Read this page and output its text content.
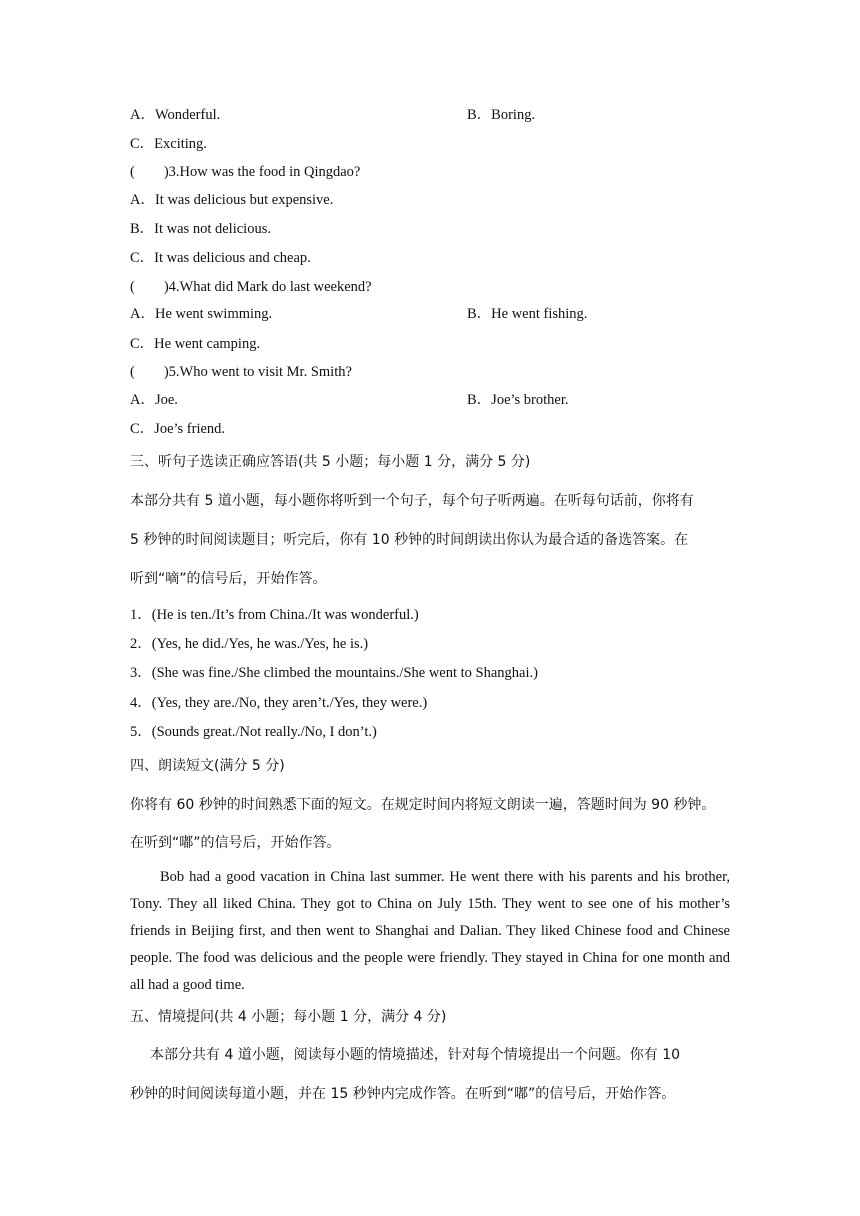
A．Wonderful.	B．Boring.
C．Exciting.
(　　)3.How was the food in Qingdao?
A．It was delicious but expensive.
B．It was not delicious.
C．It was delicious and cheap.
(　　)4.What did Mark do last weekend?
A．He went swimming.	B．He went fishing.
C．He went camping.
(　　)5.Who went to visit Mr. Smith?
A．Joe.	B．Joe’s brother.
C．Joe’s friend.
三、听句子选读正确应答语(共 5 小题；每小题 1 分，满分 5 分)
本部分共有 5 道小题，每小题你将听到一个句子，每个句子听两遍。在听每句话前，你将有
5 秒钟的时间阅读题目；听完后，你有 10 秒钟的时间朗读出你认为最合适的备选答案。在
听到“嘀”的信号后，开始作答。
1．(He is ten./It’s from China./It was wonderful.)
2．(Yes, he did./Yes, he was./Yes, he is.)
3．(She was fine./She climbed the mountains./She went to Shanghai.)
4．(Yes, they are./No, they aren’t./Yes, they were.)
5．(Sounds great./Not really./No, I don’t.)
四、朗读短文(满分 5 分)
你将有 60 秒钟的时间熟悉下面的短文。在规定时间内将短文朗读一遍，答题时间为 90 秒钟。
在听到“嘟”的信号后，开始作答。
Bob had a good vacation in China last summer. He went there with his parents and his brother, Tony. They all liked China. They got to China on July 15th. They went to see one of his mother’s friends in Beijing first, and then went to Shanghai and Dalian. They liked Chinese food and Chinese people. The food was delicious and the people were friendly. They stayed in China for one month and all had a good time.
五、情境提问(共 4 小题；每小题 1 分，满分 4 分)
本部分共有 4 道小题，阅读每小题的情境描述，针对每个情境提出一个问题。你有 10
秒钟的时间阅读每道小题，并在 15 秒钟内完成作答。在听到“嘟”的信号后，开始作答。
